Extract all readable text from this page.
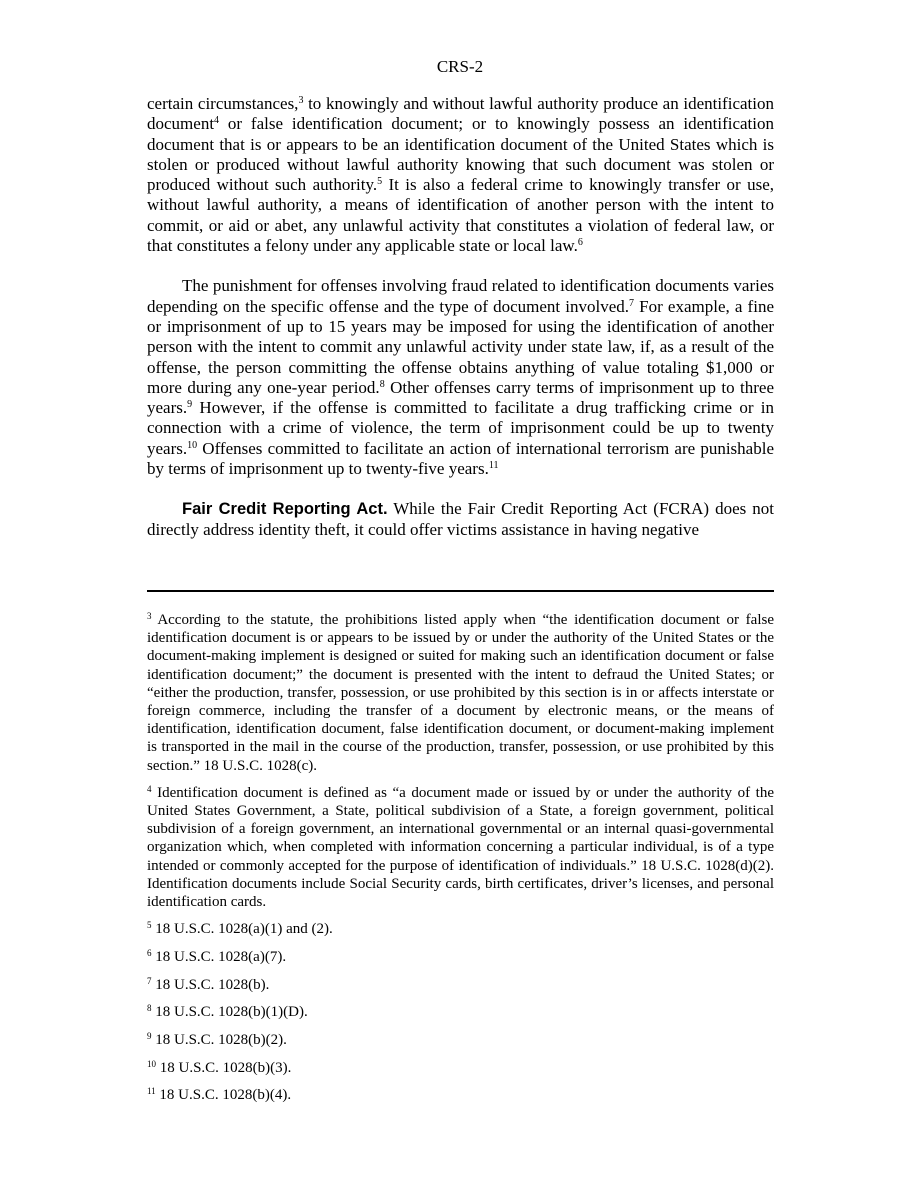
CRS-2

certain circumstances,$^3$ to knowingly and without lawful authority produce an identification document$^4$ or false identification document; or to knowingly possess an identification document that is or appears to be an identification document of the United States which is stolen or produced without lawful authority knowing that such document was stolen or produced without such authority.$^5$ It is also a federal crime to knowingly transfer or use, without lawful authority, a means of identification of another person with the intent to commit, or aid or abet, any unlawful activity that constitutes a violation of federal law, or that constitutes a felony under any applicable state or local law.$^6$

The punishment for offenses involving fraud related to identification documents varies depending on the specific offense and the type of document involved.$^7$ For example, a fine or imprisonment of up to 15 years may be imposed for using the identification of another person with the intent to commit any unlawful activity under state law, if, as a result of the offense, the person committing the offense obtains anything of value totaling $1,000 or more during any one-year period.$^8$ Other offenses carry terms of imprisonment up to three years.$^9$ However, if the offense is committed to facilitate a drug trafficking crime or in connection with a crime of violence, the term of imprisonment could be up to twenty years.$^{10}$ Offenses committed to facilitate an action of international terrorism are punishable by terms of imprisonment up to twenty-five years.$^{11}$

Fair Credit Reporting Act. While the Fair Credit Reporting Act (FCRA) does not directly address identity theft, it could offer victims assistance in having negative

$^3$ According to the statute, the prohibitions listed apply when “the identification document or false identification document is or appears to be issued by or under the authority of the United States or the document-making implement is designed or suited for making such an identification document or false identification document;” the document is presented with the intent to defraud the United States; or “either the production, transfer, possession, or use prohibited by this section is in or affects interstate or foreign commerce, including the transfer of a document by electronic means, or the means of identification, identification document, false identification document, or document-making implement is transported in the mail in the course of the production, transfer, possession, or use prohibited by this section.” 18 U.S.C. 1028(c).
$^4$ Identification document is defined as “a document made or issued by or under the authority of the United States Government, a State, political subdivision of a State, a foreign government, political subdivision of a foreign government, an international governmental or an internal quasi-governmental organization which, when completed with information concerning a particular individual, is of a type intended or commonly accepted for the purpose of identification of individuals.” 18 U.S.C. 1028(d)(2). Identification documents include Social Security cards, birth certificates, driver’s licenses, and personal identification cards.
$^5$ 18 U.S.C. 1028(a)(1) and (2).
$^6$ 18 U.S.C. 1028(a)(7).
$^7$ 18 U.S.C. 1028(b).
$^8$ 18 U.S.C. 1028(b)(1)(D).
$^9$ 18 U.S.C. 1028(b)(2).
$^{10}$ 18 U.S.C. 1028(b)(3).
$^{11}$ 18 U.S.C. 1028(b)(4).
